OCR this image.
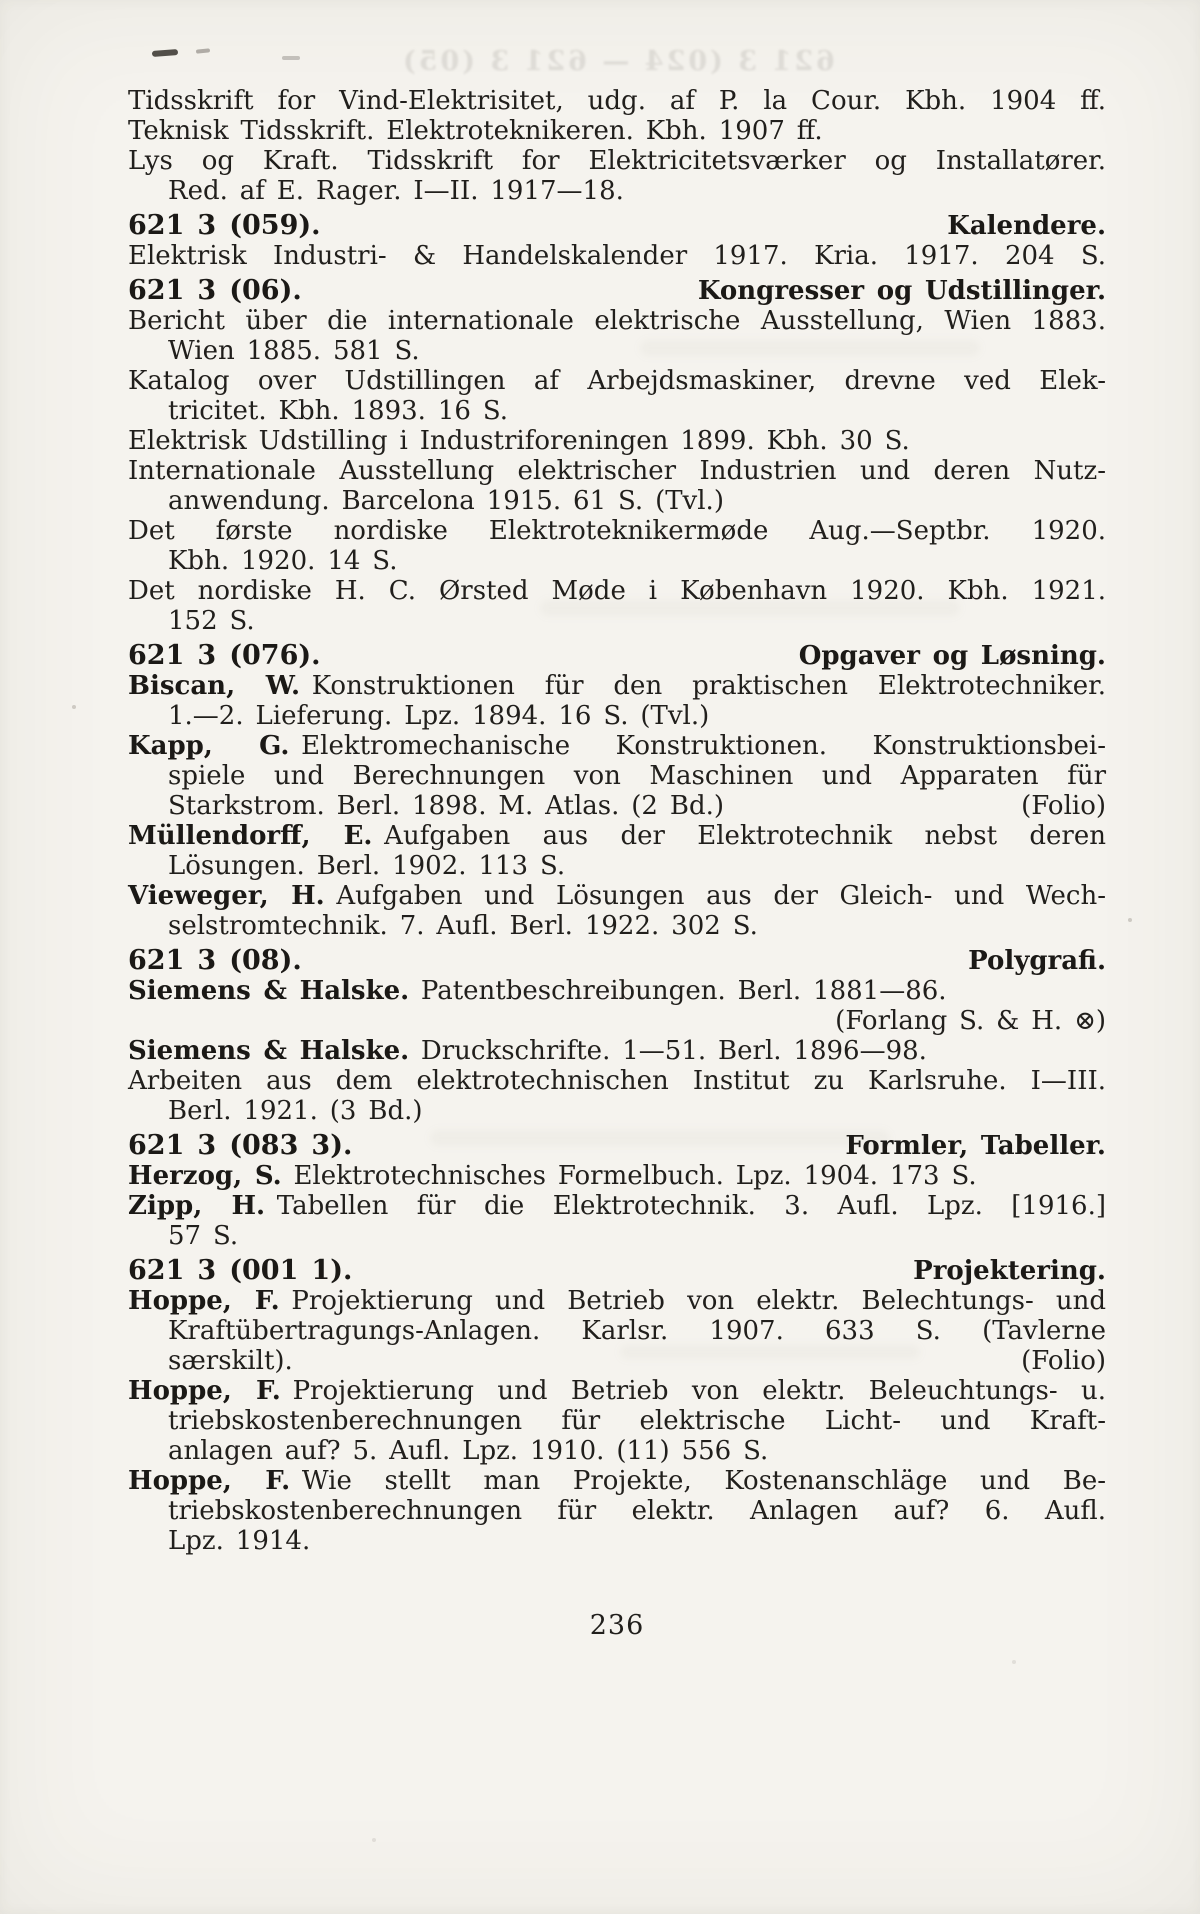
621 3 (024 — 621 3 (05)
Tidsskrift for Vind-Elektrisitet, udg. af P. la Cour. Kbh. 1904 ff.
Teknisk Tidsskrift. Elektroteknikeren. Kbh. 1907 ff.
Lys og Kraft. Tidsskrift for Elektricitetsværker og Installatører.
Red. af E. Rager. I—II. 1917—18.
621 3 (059).	Kalendere.
Elektrisk Industri- & Handelskalender 1917. Kria. 1917. 204 S.
621 3 (06).	Kongresser og Udstillinger.
Bericht über die internationale elektrische Ausstellung, Wien 1883.
Wien 1885. 581 S.
Katalog over Udstillingen af Arbejdsmaskiner, drevne ved Elek-
tricitet. Kbh. 1893. 16 S.
Elektrisk Udstilling i Industriforeningen 1899. Kbh. 30 S.
Internationale Ausstellung elektrischer Industrien und deren Nutz-
anwendung. Barcelona 1915. 61 S. (Tvl.)
Det første nordiske Elektroteknikermøde Aug.—Septbr. 1920.
Kbh. 1920. 14 S.
Det nordiske H. C. Ørsted Møde i København 1920. Kbh. 1921.
152 S.
621 3 (076).	Opgaver og Løsning.
Biscan, W. Konstruktionen für den praktischen Elektrotechniker.
1.—2. Lieferung. Lpz. 1894. 16 S. (Tvl.)
Kapp, G. Elektromechanische Konstruktionen. Konstruktionsbei-
spiele und Berechnungen von Maschinen und Apparaten für
Starkstrom. Berl. 1898. M. Atlas. (2 Bd.)	(Folio)
Müllendorff, E. Aufgaben aus der Elektrotechnik nebst deren
Lösungen. Berl. 1902. 113 S.
Vieweger, H. Aufgaben und Lösungen aus der Gleich- und Wech-
selstromtechnik. 7. Aufl. Berl. 1922. 302 S.
621 3 (08).	Polygrafi.
Siemens & Halske. Patentbeschreibungen. Berl. 1881—86.
(Forlang S. & H. ⊗)
Siemens & Halske. Druckschrifte. 1—51. Berl. 1896—98.
Arbeiten aus dem elektrotechnischen Institut zu Karlsruhe. I—III.
Berl. 1921. (3 Bd.)
621 3 (083 3).	Formler, Tabeller.
Herzog, S. Elektrotechnisches Formelbuch. Lpz. 1904. 173 S.
Zipp, H. Tabellen für die Elektrotechnik. 3. Aufl. Lpz. [1916.]
57 S.
621 3 (001 1).	Projektering.
Hoppe, F. Projektierung und Betrieb von elektr. Belechtungs- und
Kraftübertragungs-Anlagen. Karlsr. 1907. 633 S. (Tavlerne
særskilt).	(Folio)
Hoppe, F. Projektierung und Betrieb von elektr. Beleuchtungs- u.
triebskostenberechnungen für elektrische Licht- und Kraft-
anlagen auf? 5. Aufl. Lpz. 1910. (11) 556 S.
Hoppe, F. Wie stellt man Projekte, Kostenanschläge und Be-
triebskostenberechnungen für elektr. Anlagen auf? 6. Aufl.
Lpz. 1914.
236
